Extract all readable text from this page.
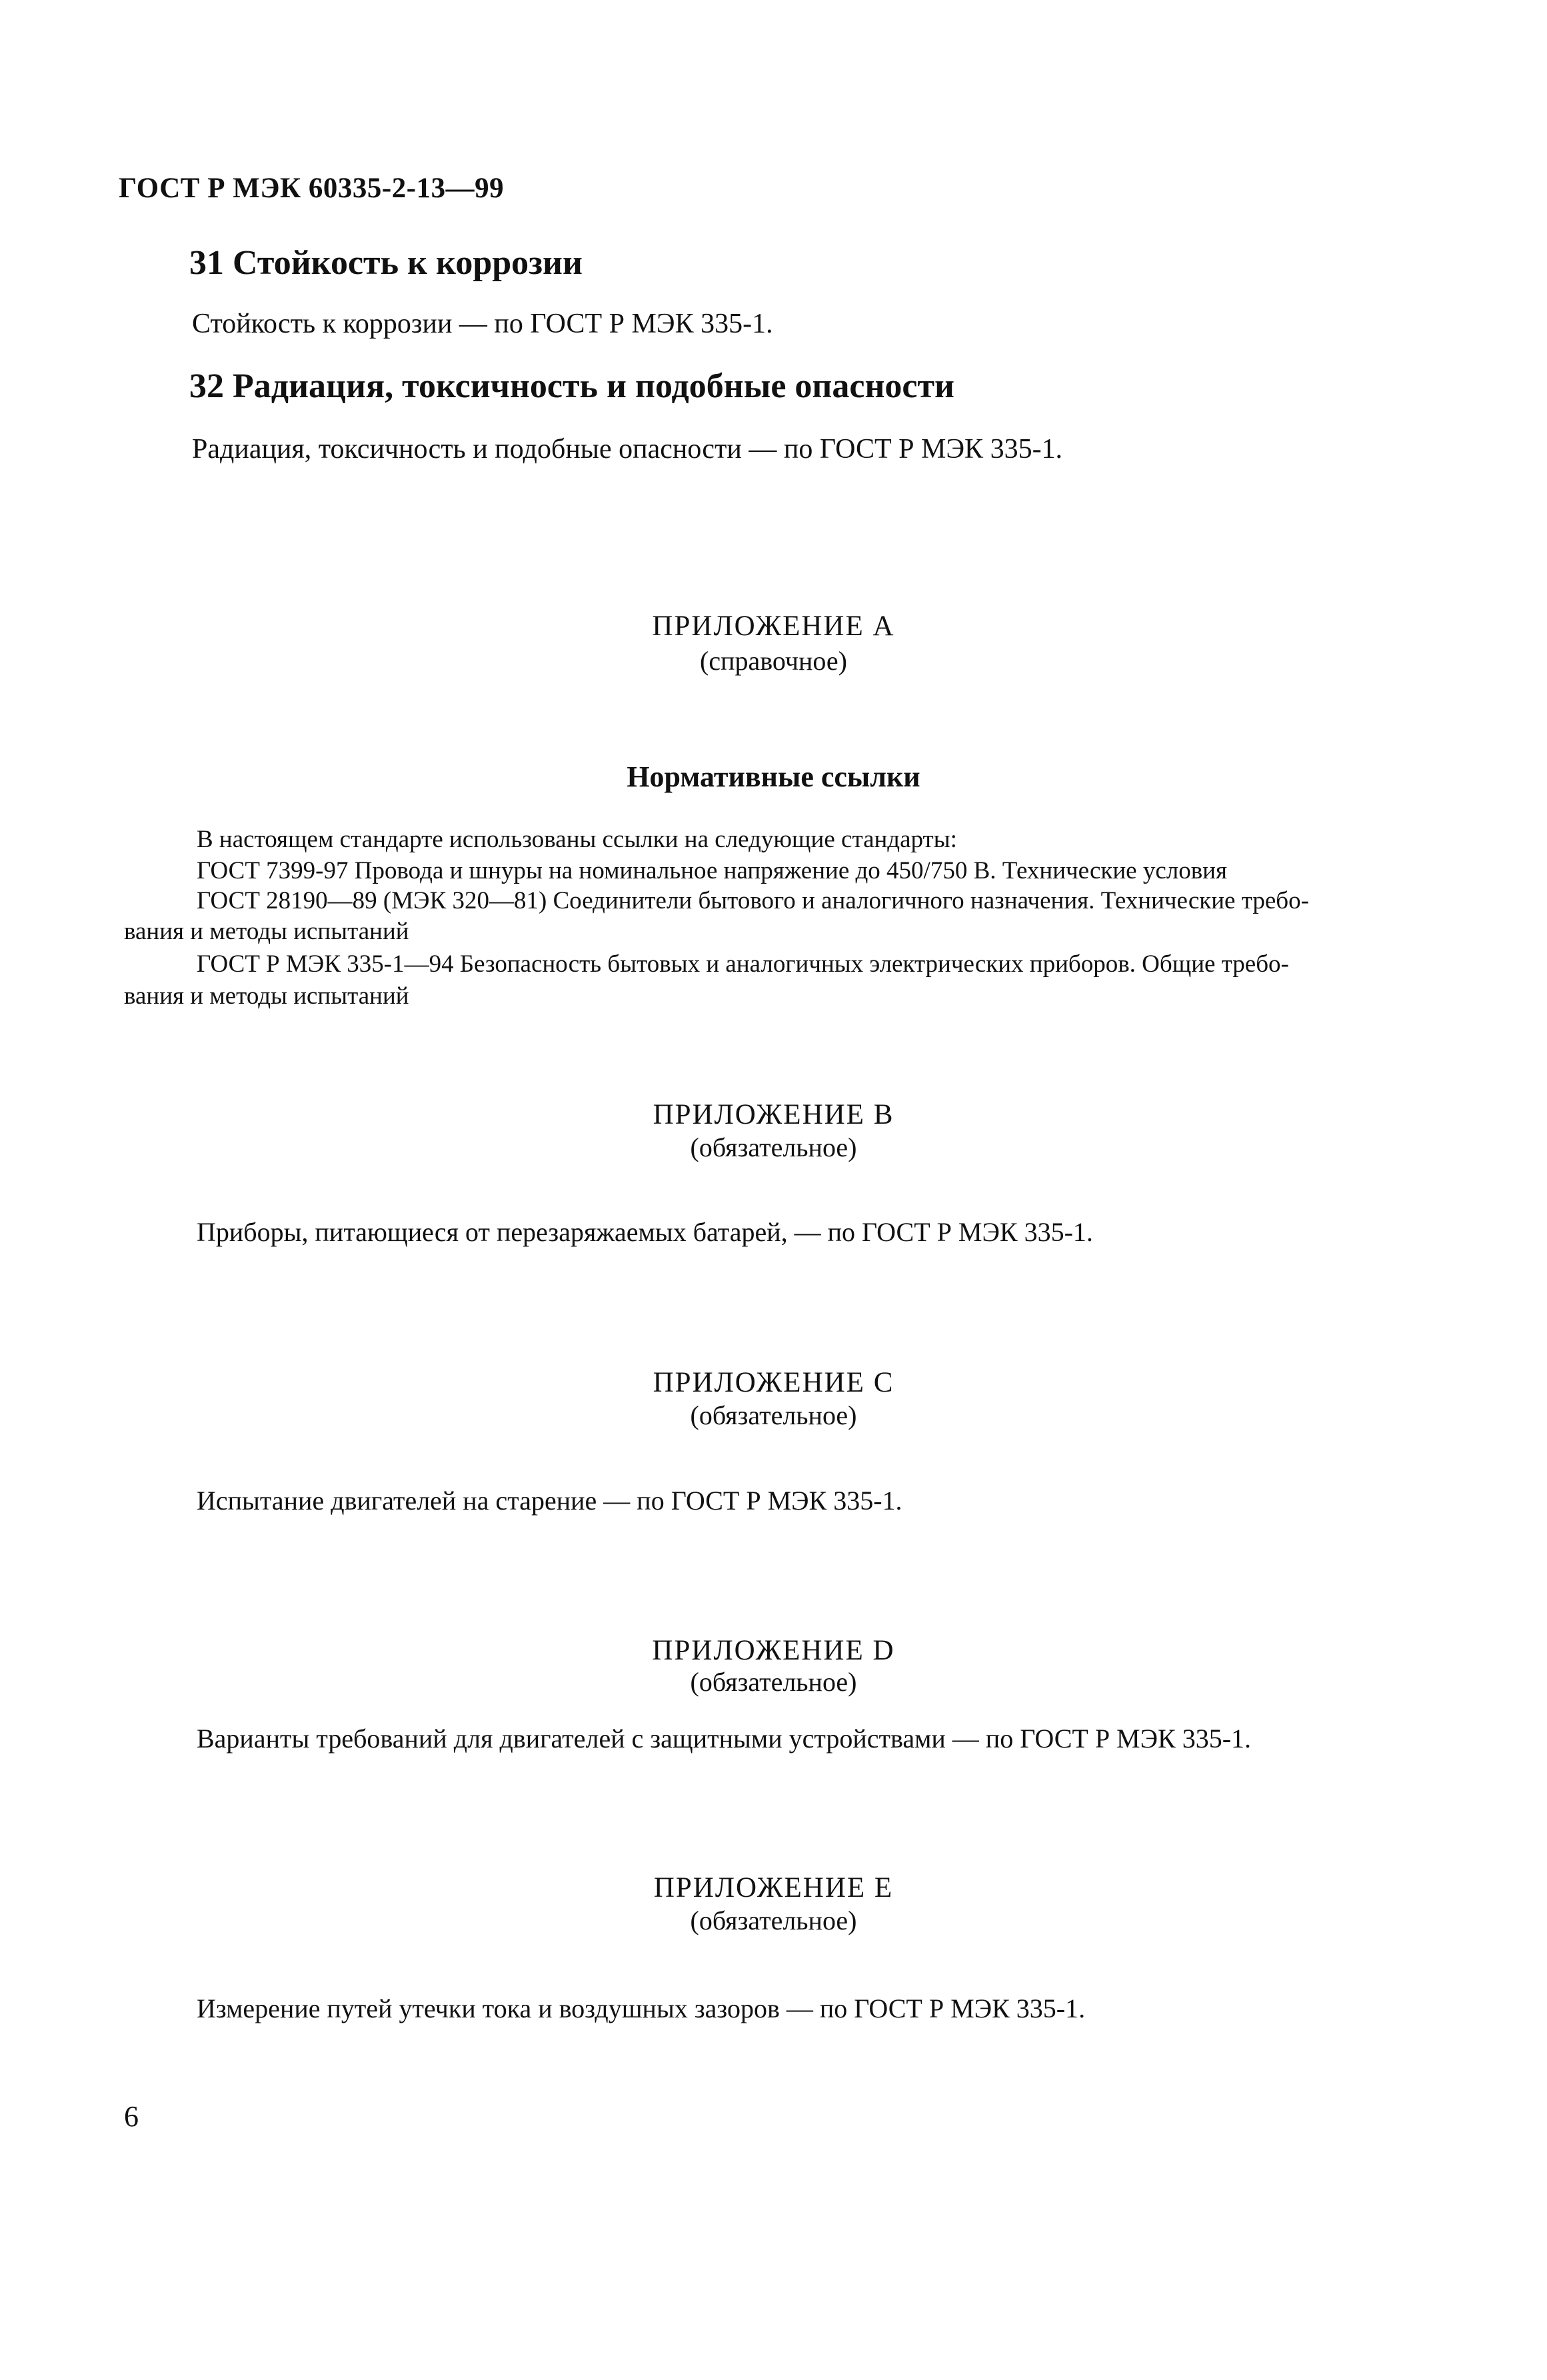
ГОСТ Р МЭК 60335-2-13—99
31 Стойкость к коррозии
Стойкость к коррозии — по ГОСТ Р МЭК 335-1.
32 Радиация, токсичность и подобные опасности
Радиация, токсичность и подобные опасности — по ГОСТ Р МЭК 335-1.
ПРИЛОЖЕНИЕ А
(справочное)
Нормативные ссылки
В настоящем стандарте использованы ссылки на следующие стандарты:
ГОСТ 7399-97 Провода и шнуры на номинальное напряжение до 450/750 В. Технические условия
ГОСТ 28190—89 (МЭК 320—81) Соединители бытового и аналогичного назначения. Технические требо-
вания и методы испытаний
ГОСТ Р МЭК 335-1—94 Безопасность бытовых и аналогичных электрических приборов. Общие требо-
вания и методы испытаний
ПРИЛОЖЕНИЕ В
(обязательное)
Приборы, питающиеся от перезаряжаемых батарей, — по ГОСТ Р МЭК 335-1.
ПРИЛОЖЕНИЕ С
(обязательное)
Испытание двигателей на старение — по ГОСТ Р МЭК 335-1.
ПРИЛОЖЕНИЕ D
(обязательное)
Варианты требований для двигателей с защитными устройствами — по ГОСТ Р МЭК 335-1.
ПРИЛОЖЕНИЕ Е
(обязательное)
Измерение путей утечки тока и воздушных зазоров — по ГОСТ Р МЭК 335-1.
6
